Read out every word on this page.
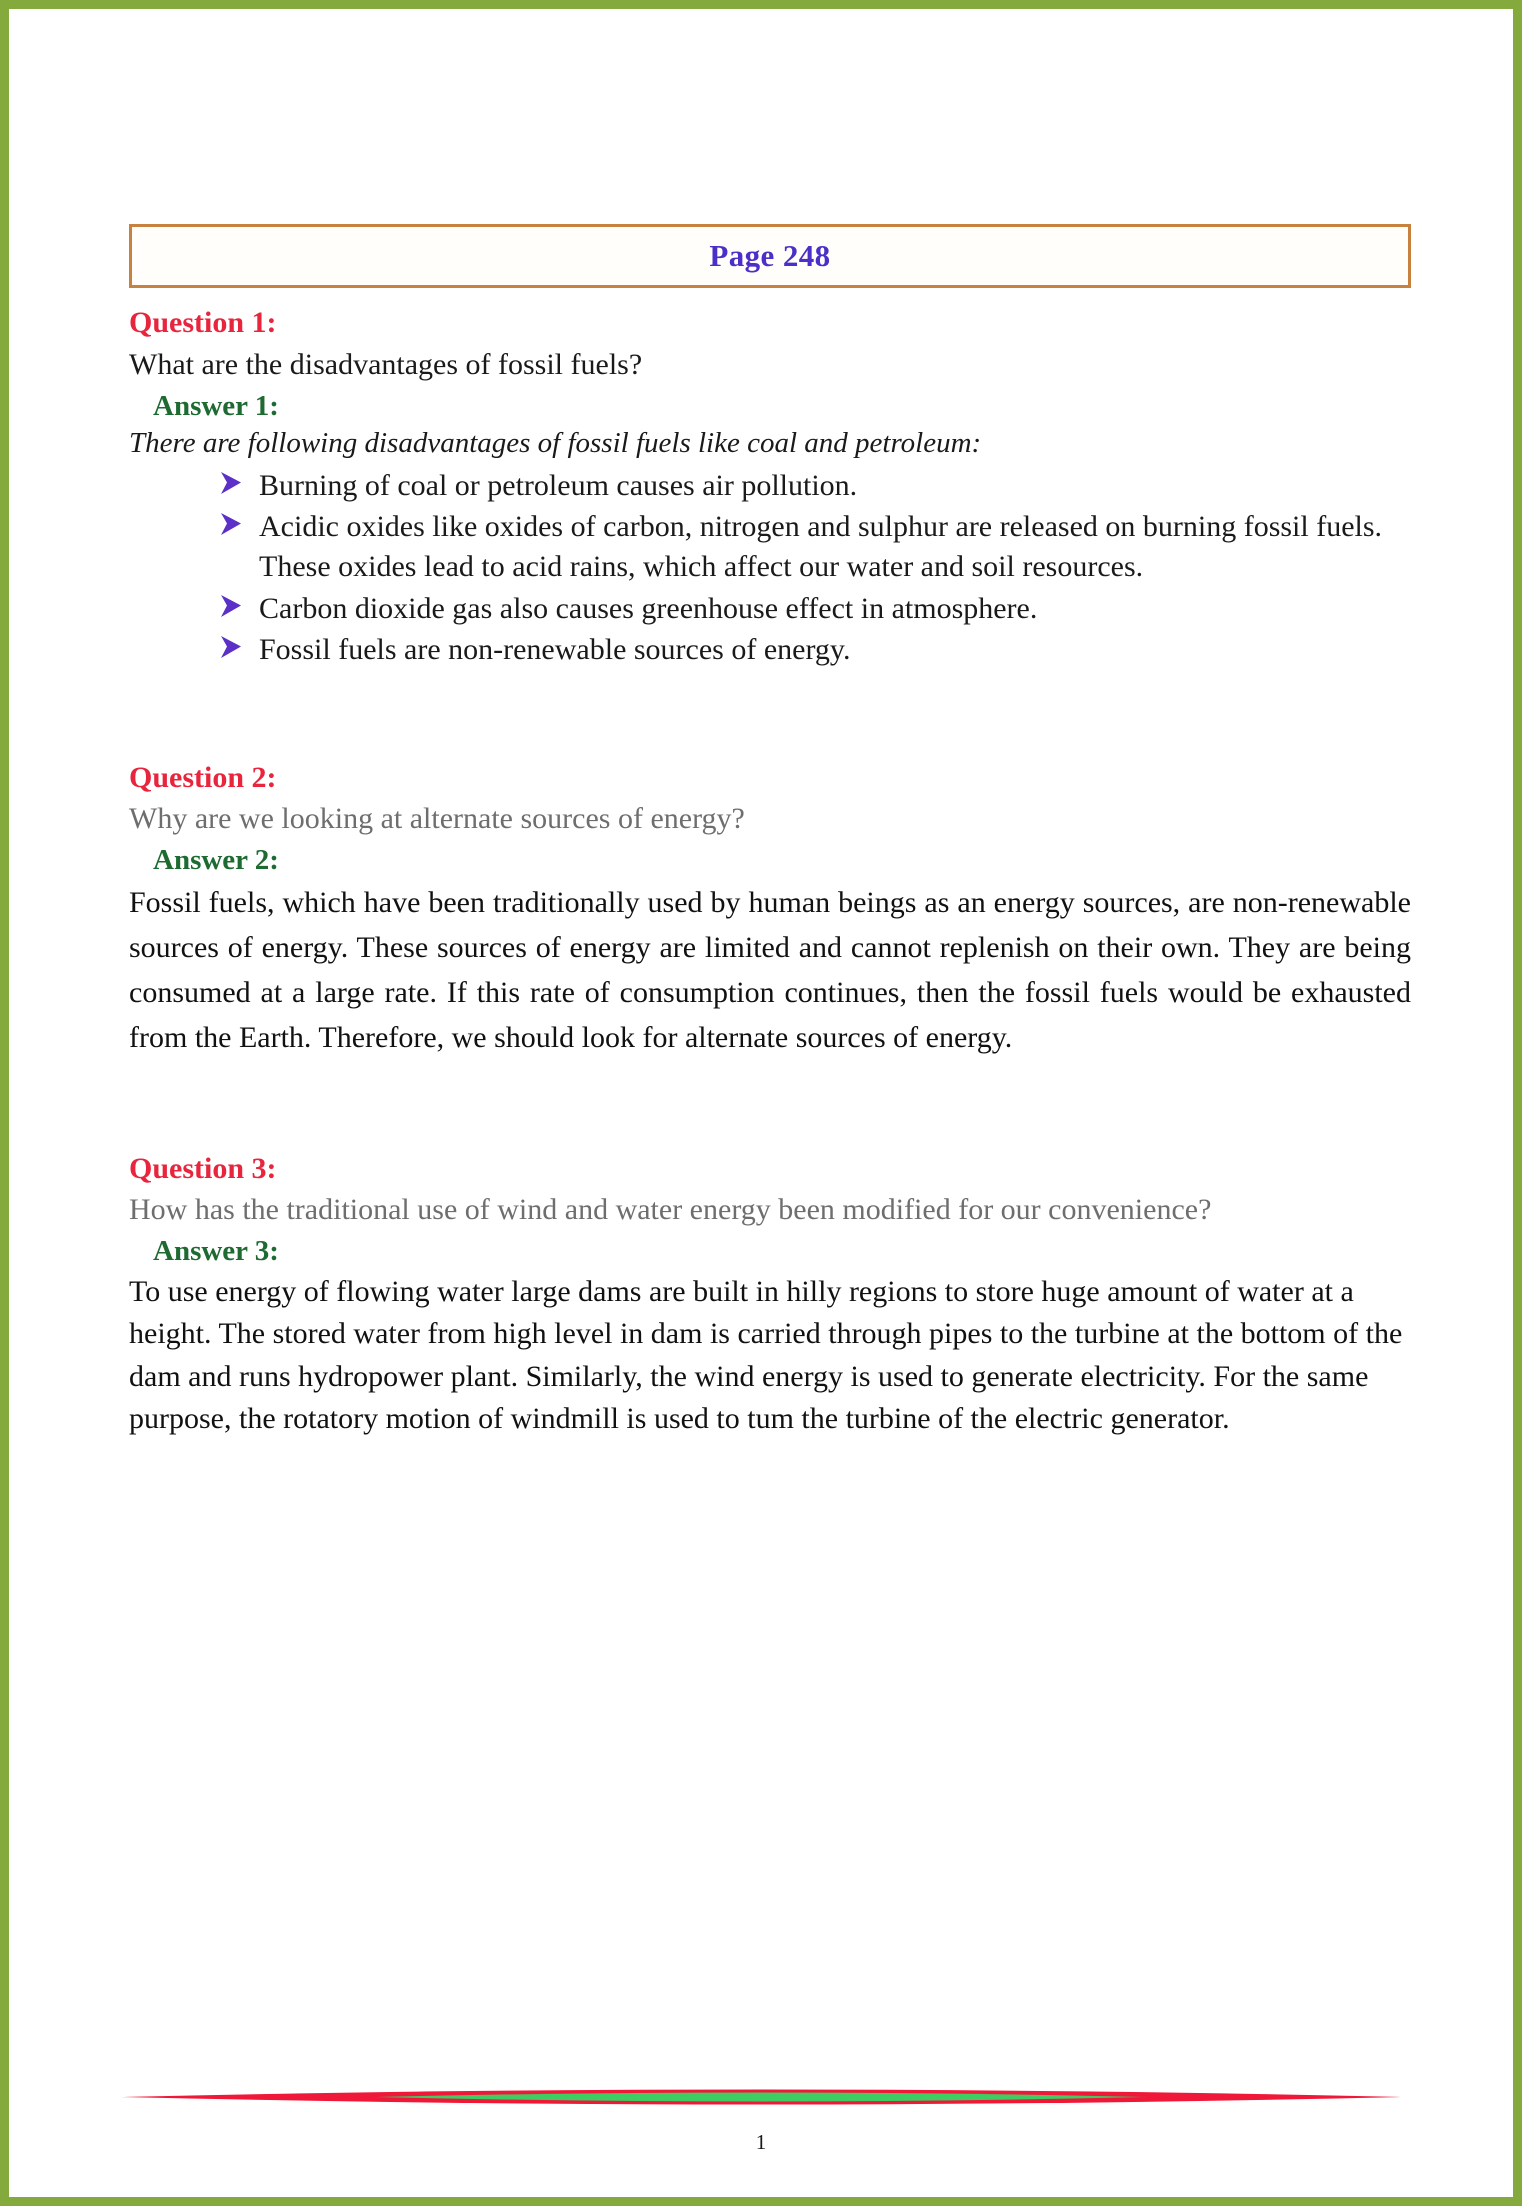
Page 248
Question 1:
What are the disadvantages of fossil fuels?
Answer 1:
There are following disadvantages of fossil fuels like coal and petroleum:
Burning of coal or petroleum causes air pollution.
Acidic oxides like oxides of carbon, nitrogen and sulphur are released on burning fossil fuels. These oxides lead to acid rains, which affect our water and soil resources.
Carbon dioxide gas also causes greenhouse effect in atmosphere.
Fossil fuels are non-renewable sources of energy.
Question 2:
Why are we looking at alternate sources of energy?
Answer 2:
Fossil fuels, which have been traditionally used by human beings as an energy sources, are non-renewable sources of energy. These sources of energy are limited and cannot replenish on their own. They are being consumed at a large rate. If this rate of consumption continues, then the fossil fuels would be exhausted from the Earth. Therefore, we should look for alternate sources of energy.
Question 3:
How has the traditional use of wind and water energy been modified for our convenience?
Answer 3:
To use energy of flowing water large dams are built in hilly regions to store huge amount of water at a height. The stored water from high level in dam is carried through pipes to the turbine at the bottom of the dam and runs hydropower plant. Similarly, the wind energy is used to generate electricity. For the same purpose, the rotatory motion of windmill is used to tum the turbine of the electric generator.
1
